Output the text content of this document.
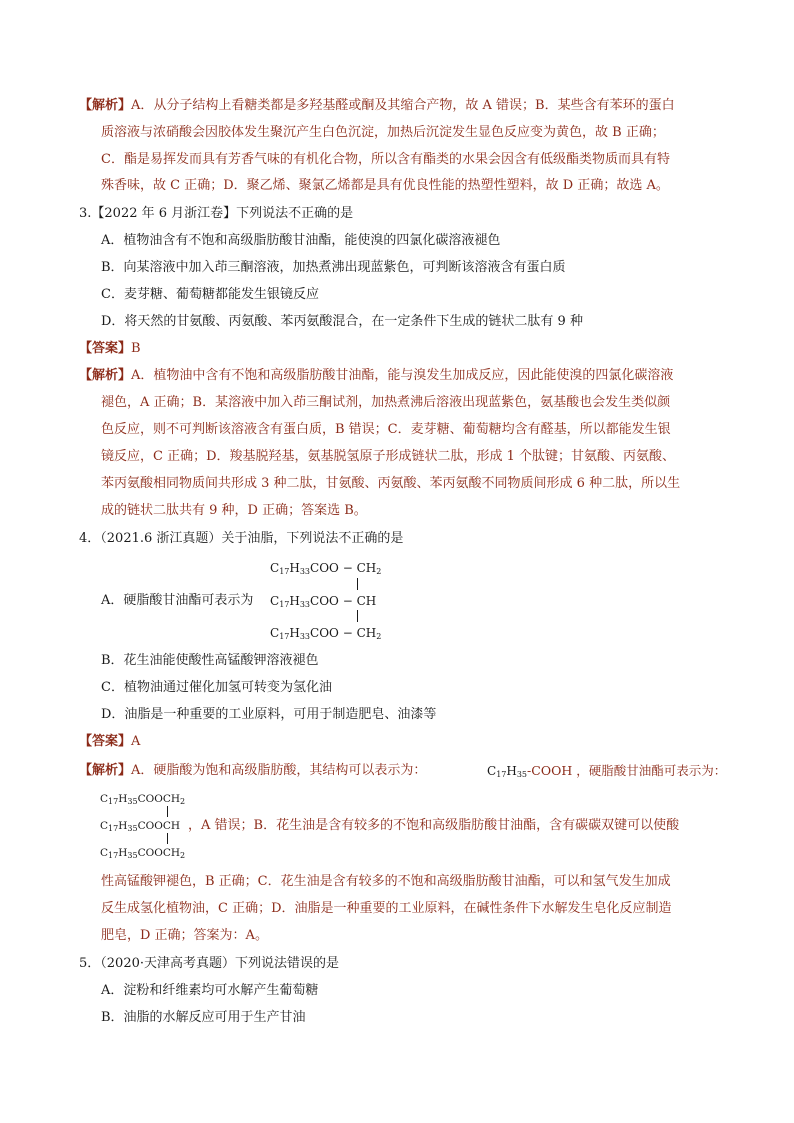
【解析】A．从分子结构上看糖类都是多羟基醛或酮及其缩合产物，故 A 错误；B．某些含有苯环的蛋白
质溶液与浓硝酸会因胶体发生聚沉产生白色沉淀，加热后沉淀发生显色反应变为黄色，故 B 正确；
C．酯是易挥发而具有芳香气味的有机化合物，所以含有酯类的水果会因含有低级酯类物质而具有特
殊香味，故 C 正确；D．聚乙烯、聚氯乙烯都是具有优良性能的热塑性塑料，故 D 正确；故选 A。
3.【2022 年 6 月浙江卷】下列说法不正确的是
A．植物油含有不饱和高级脂肪酸甘油酯，能使溴的四氯化碳溶液褪色
B．向某溶液中加入茚三酮溶液，加热煮沸出现蓝紫色，可判断该溶液含有蛋白质
C．麦芽糖、葡萄糖都能发生银镜反应
D．将天然的甘氨酸、丙氨酸、苯丙氨酸混合，在一定条件下生成的链状二肽有 9 种
【答案】B
【解析】A．植物油中含有不饱和高级脂肪酸甘油酯，能与溴发生加成反应，因此能使溴的四氯化碳溶液
褪色，A 正确；B．某溶液中加入茚三酮试剂，加热煮沸后溶液出现蓝紫色，氨基酸也会发生类似颜
色反应，则不可判断该溶液含有蛋白质，B 错误；C．麦芽糖、葡萄糖均含有醛基，所以都能发生银
镜反应，C 正确；D．羧基脱羟基，氨基脱氢原子形成链状二肽，形成 1 个肽键；甘氨酸、丙氨酸、
苯丙氨酸相同物质间共形成 3 种二肽，甘氨酸、丙氨酸、苯丙氨酸不同物质间形成 6 种二肽，所以生
成的链状二肽共有 9 种，D 正确；答案选 B。
4．（2021.6 浙江真题）关于油脂，下列说法不正确的是
$C_{17}H_{33}COO - CH_2$
A．硬脂酸甘油酯可表示为 $C_{17}H_{33}COO$ − CH
$C_{17}H_{33}COO - CH_2$
B．花生油能使酸性高锰酸钾溶液褪色
C．植物油通过催化加氢可转变为氢化油
D．油脂是一种重要的工业原料，可用于制造肥皂、油漆等
【答案】A
【解析】A．硬脂酸为饱和高级脂肪酸，其结构可以表示为：	$C_{17}H_{35}$-COOH ，硬脂酸甘油酯可表示为：
$C_{17}H_{35}COOCH_2$
$C_{17}H_{35}COOCH$ ，A 错误；B．花生油是含有较多的不饱和高级脂肪酸甘油酯，含有碳碳双键可以使酸
$C_{17}H_{35}COOCH_2$
性高锰酸钾褪色，B 正确；C．花生油是含有较多的不饱和高级脂肪酸甘油酯，可以和氢气发生加成
反生成氢化植物油，C 正确；D．油脂是一种重要的工业原料，在碱性条件下水解发生皂化反应制造
肥皂，D 正确；答案为：A。
5．（2020·天津高考真题）下列说法错误的是
A．淀粉和纤维素均可水解产生葡萄糖
B．油脂的水解反应可用于生产甘油
